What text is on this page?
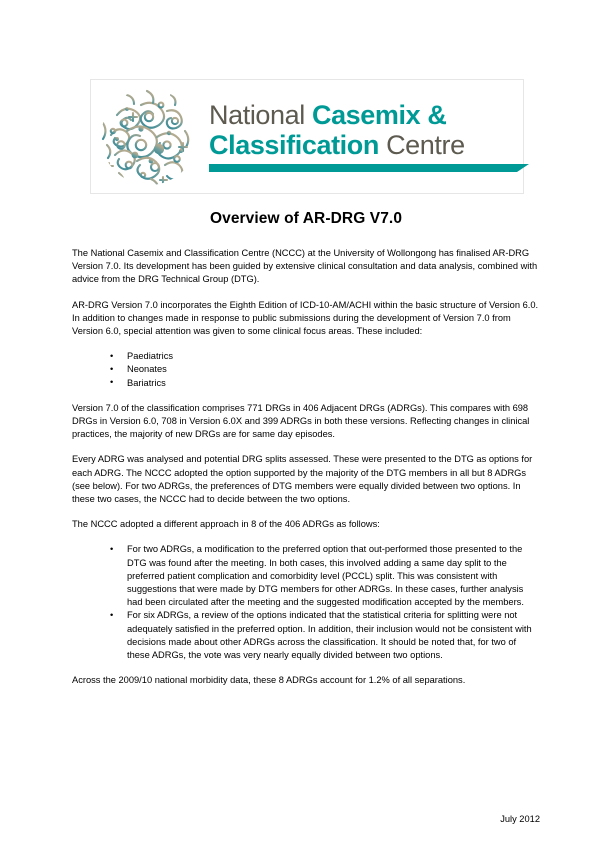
National Casemix &
Classification Centre
Overview of AR-DRG V7.0

The National Casemix and Classification Centre (NCCC) at the University of Wollongong has finalised AR-DRG Version 7.0. Its development has been guided by extensive clinical consultation and data analysis, combined with advice from the DRG Technical Group (DTG).

AR-DRG Version 7.0 incorporates the Eighth Edition of ICD-10-AM/ACHI within the basic structure of Version 6.0. In addition to changes made in response to public submissions during the development of Version 7.0 from Version 6.0, special attention was given to some clinical focus areas. These included:

• Paediatrics
• Neonates
• Bariatrics

Version 7.0 of the classification comprises 771 DRGs in 406 Adjacent DRGs (ADRGs). This compares with 698 DRGs in Version 6.0, 708 in Version 6.0X and 399 ADRGs in both these versions. Reflecting changes in clinical practices, the majority of new DRGs are for same day episodes.

Every ADRG was analysed and potential DRG splits assessed. These were presented to the DTG as options for each ADRG. The NCCC adopted the option supported by the majority of the DTG members in all but 8 ADRGs (see below). For two ADRGs, the preferences of DTG members were equally divided between two options. In these two cases, the NCCC had to decide between the two options.

The NCCC adopted a different approach in 8 of the 406 ADRGs as follows:

• For two ADRGs, a modification to the preferred option that out-performed those presented to the DTG was found after the meeting. In both cases, this involved adding a same day split to the preferred patient complication and comorbidity level (PCCL) split. This was consistent with suggestions that were made by DTG members for other ADRGs. In these cases, further analysis had been circulated after the meeting and the suggested modification accepted by the members.
• For six ADRGs, a review of the options indicated that the statistical criteria for splitting were not adequately satisfied in the preferred option. In addition, their inclusion would not be consistent with decisions made about other ADRGs across the classification. It should be noted that, for two of these ADRGs, the vote was very nearly equally divided between two options.

Across the 2009/10 national morbidity data, these 8 ADRGs account for 1.2% of all separations.

July 2012
